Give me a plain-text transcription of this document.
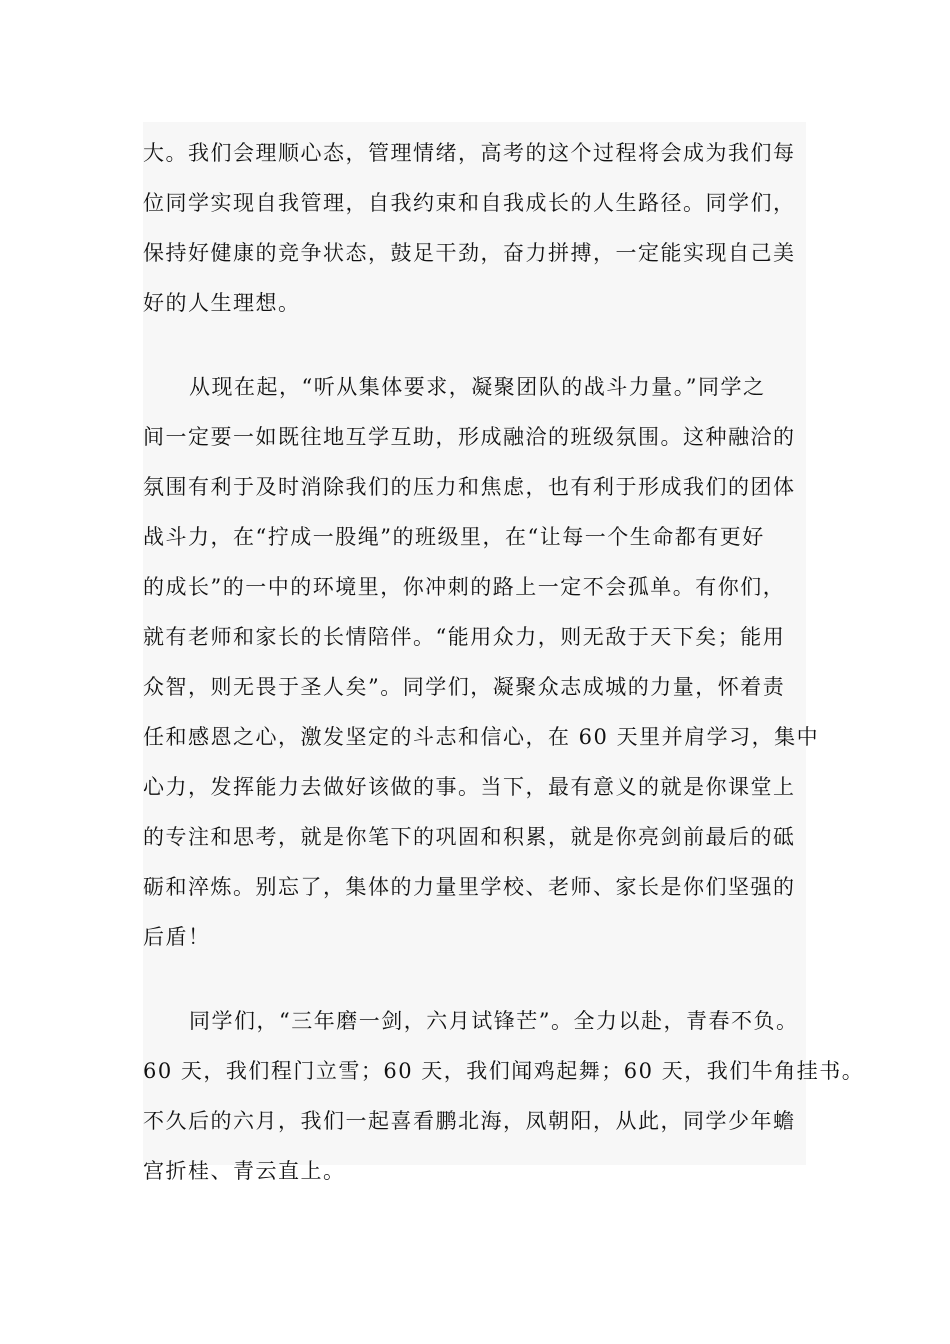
大。我们会理顺心态，管理情绪，高考的这个过程将会成为我们每
位同学实现自我管理，自我约束和自我成长的人生路径。同学们，
保持好健康的竞争状态，鼓足干劲，奋力拼搏，一定能实现自己美
好的人生理想。

从现在起，“听从集体要求，凝聚团队的战斗力量。”同学之
间一定要一如既往地互学互助，形成融洽的班级氛围。这种融洽的
氛围有利于及时消除我们的压力和焦虑，也有利于形成我们的团体
战斗力，在“拧成一股绳”的班级里，在“让每一个生命都有更好
的成长”的一中的环境里，你冲刺的路上一定不会孤单。有你们，
就有老师和家长的长情陪伴。“能用众力，则无敌于天下矣；能用
众智，则无畏于圣人矣”。同学们，凝聚众志成城的力量，怀着责
任和感恩之心，激发坚定的斗志和信心，在 60 天里并肩学习，集中
心力，发挥能力去做好该做的事。当下，最有意义的就是你课堂上
的专注和思考，就是你笔下的巩固和积累，就是你亮剑前最后的砥
砺和淬炼。别忘了，集体的力量里学校、老师、家长是你们坚强的
后盾！

同学们，“三年磨一剑，六月试锋芒”。全力以赴，青春不负。
60 天，我们程门立雪；60 天，我们闻鸡起舞；60 天，我们牛角挂书。
不久后的六月，我们一起喜看鹏北海，凤朝阳，从此，同学少年蟾
宫折桂、青云直上。
